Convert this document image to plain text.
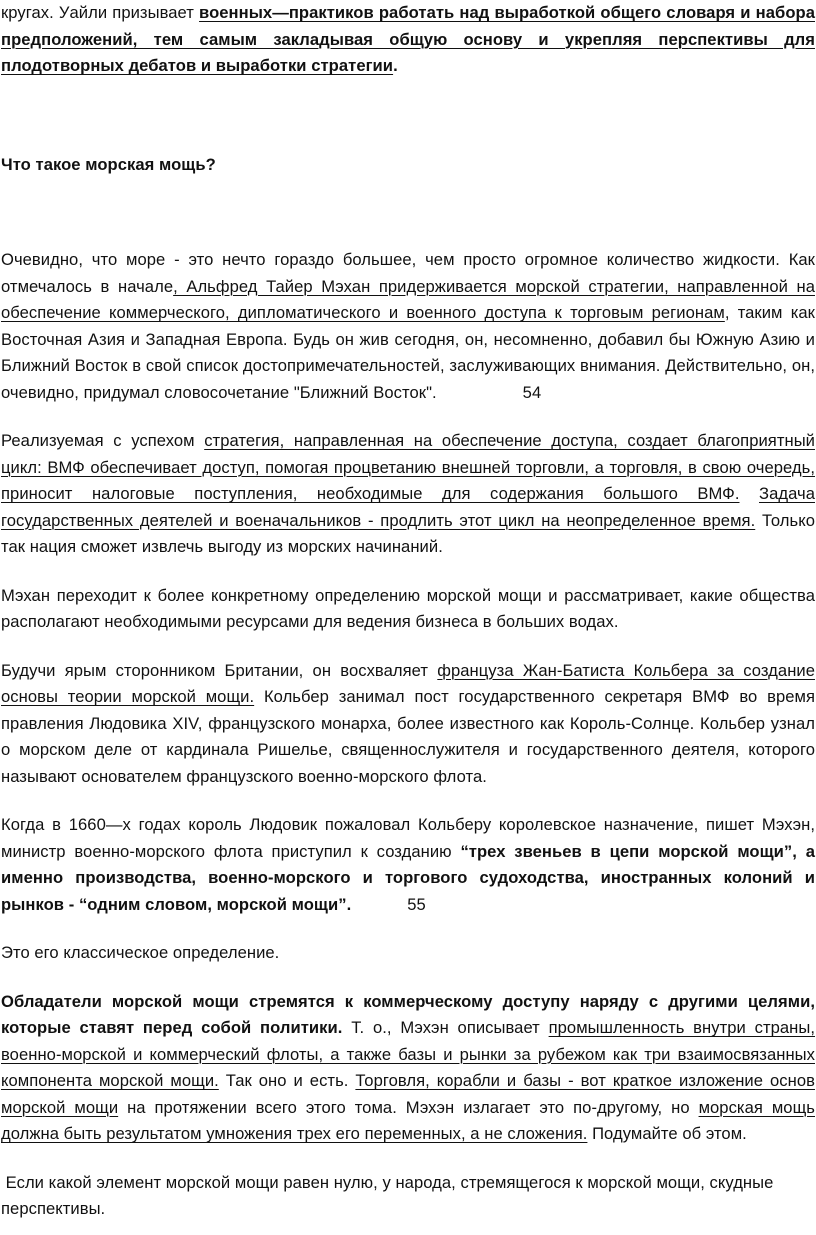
кругах. Уайли призывает военных—практиков работать над выработкой общего словаря и набора предположений, тем самым закладывая общую основу и укрепляя перспективы для плодотворных дебатов и выработки стратегии.

Что такое морская мощь?

Очевидно, что море - это нечто гораздо большее, чем просто огромное количество жидкости. Как отмечалось в начале, Альфред Тайер Мэхан придерживается морской стратегии, направленной на обеспечение коммерческого, дипломатического и военного доступа к торговым регионам, таким как Восточная Азия и Западная Европа. Будь он жив сегодня, он, несомненно, добавил бы Южную Азию и Ближний Восток в свой список достопримечательностей, заслуживающих внимания. Действительно, он, очевидно, придумал словосочетание "Ближний Восток".	54

Реализуемая с успехом стратегия, направленная на обеспечение доступа, создает благоприятный цикл: ВМФ обеспечивает доступ, помогая процветанию внешней торговли, а торговля, в свою очередь, приносит налоговые поступления, необходимые для содержания большого ВМФ. Задача государственных деятелей и военачальников - продлить этот цикл на неопределенное время. Только так нация сможет извлечь выгоду из морских начинаний.

Мэхан переходит к более конкретному определению морской мощи и рассматривает, какие общества располагают необходимыми ресурсами для ведения бизнеса в больших водах.

Будучи ярым сторонником Британии, он восхваляет француза Жан-Батиста Кольбера за создание основы теории морской мощи. Кольбер занимал пост государственного секретаря ВМФ во время правления Людовика XIV, французского монарха, более известного как Король-Солнце. Кольбер узнал о морском деле от кардинала Ришелье, священнослужителя и государственного деятеля, которого называют основателем французского военно-морского флота.

Когда в 1660—х годах король Людовик пожаловал Кольберу королевское назначение, пишет Мэхэн, министр военно-морского флота приступил к созданию “трех звеньев в цепи морской мощи”, а именно производства, военно-морского и торгового судоходства, иностранных колоний и рынков - “одним словом, морской мощи”.	55

Это его классическое определение.

Обладатели морской мощи стремятся к коммерческому доступу наряду с другими целями, которые ставят перед собой политики. Т. о., Мэхэн описывает промышленность внутри страны, военно-морской и коммерческий флоты, а также базы и рынки за рубежом как три взаимосвязанных компонента морской мощи. Так оно и есть. Торговля, корабли и базы - вот краткое изложение основ морской мощи на протяжении всего этого тома. Мэхэн излагает это по-другому, но морская мощь должна быть результатом умножения трех его переменных, а не сложения. Подумайте об этом.

Если какой элемент морской мощи равен нулю, у народа, стремящегося к морской мощи, скудные перспективы.
